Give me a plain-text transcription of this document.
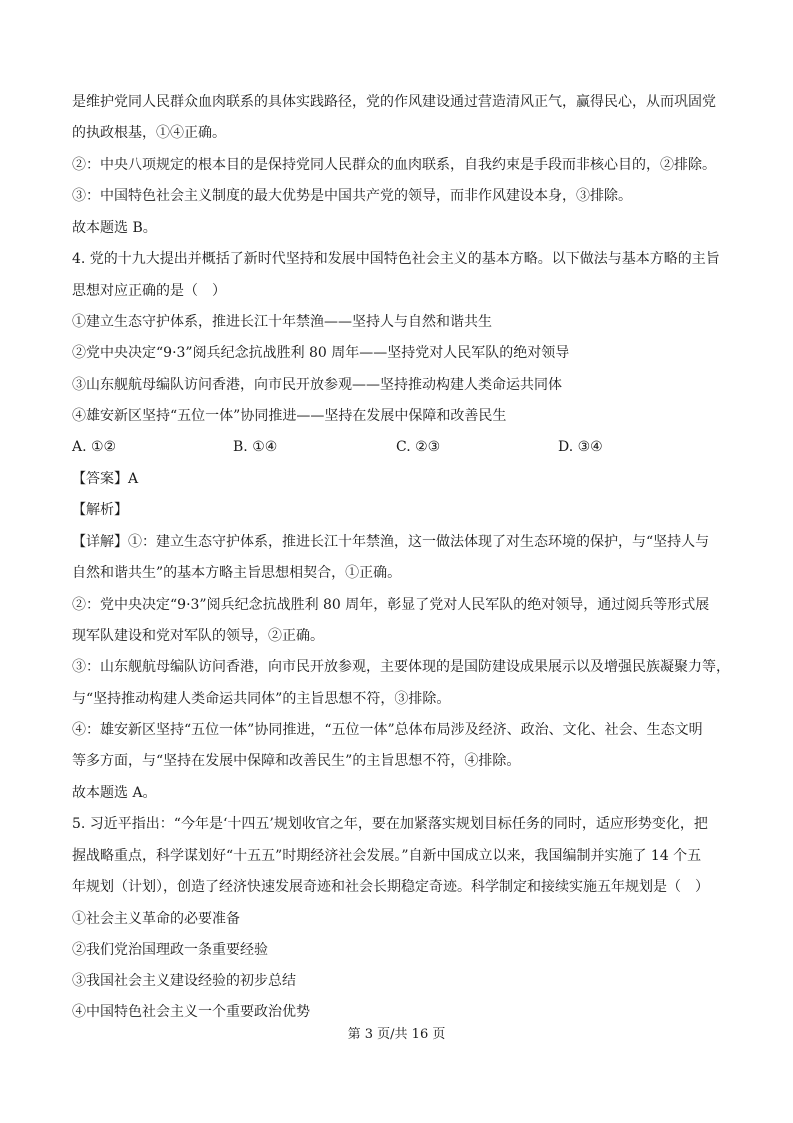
是维护党同人民群众血肉联系的具体实践路径，党的作风建设通过营造清风正气，赢得民心，从而巩固党
的执政根基，①④正确。
②：中央八项规定的根本目的是保持党同人民群众的血肉联系，自我约束是手段而非核心目的，②排除。
③：中国特色社会主义制度的最大优势是中国共产党的领导，而非作风建设本身，③排除。
故本题选 B。
4. 党的十九大提出并概括了新时代坚持和发展中国特色社会主义的基本方略。以下做法与基本方略的主旨
思想对应正确的是（　）
①建立生态守护体系，推进长江十年禁渔——坚持人与自然和谐共生
②党中央决定“9·3”阅兵纪念抗战胜利 80 周年——坚持党对人民军队的绝对领导
③山东舰航母编队访问香港，向市民开放参观——坚持推动构建人类命运共同体
④雄安新区坚持“五位一体”协同推进——坚持在发展中保障和改善民生
A. ①②	B. ①④	C. ②③	D. ③④
【答案】A
【解析】
【详解】①：建立生态守护体系，推进长江十年禁渔，这一做法体现了对生态环境的保护，与“坚持人与
自然和谐共生”的基本方略主旨思想相契合，①正确。
②：党中央决定“9·3”阅兵纪念抗战胜利 80 周年，彰显了党对人民军队的绝对领导，通过阅兵等形式展
现军队建设和党对军队的领导，②正确。
③：山东舰航母编队访问香港，向市民开放参观，主要体现的是国防建设成果展示以及增强民族凝聚力等，
与“坚持推动构建人类命运共同体”的主旨思想不符，③排除。
④：雄安新区坚持“五位一体”协同推进，“五位一体”总体布局涉及经济、政治、文化、社会、生态文明
等多方面，与“坚持在发展中保障和改善民生”的主旨思想不符，④排除。
故本题选 A。
5. 习近平指出：“今年是‘十四五’规划收官之年，要在加紧落实规划目标任务的同时，适应形势变化，把
握战略重点，科学谋划好“十五五”时期经济社会发展。”自新中国成立以来，我国编制并实施了 14 个五
年规划（计划），创造了经济快速发展奇迹和社会长期稳定奇迹。科学制定和接续实施五年规划是（　）
①社会主义革命的必要准备
②我们党治国理政一条重要经验
③我国社会主义建设经验的初步总结
④中国特色社会主义一个重要政治优势
第 3 页/共 16 页
